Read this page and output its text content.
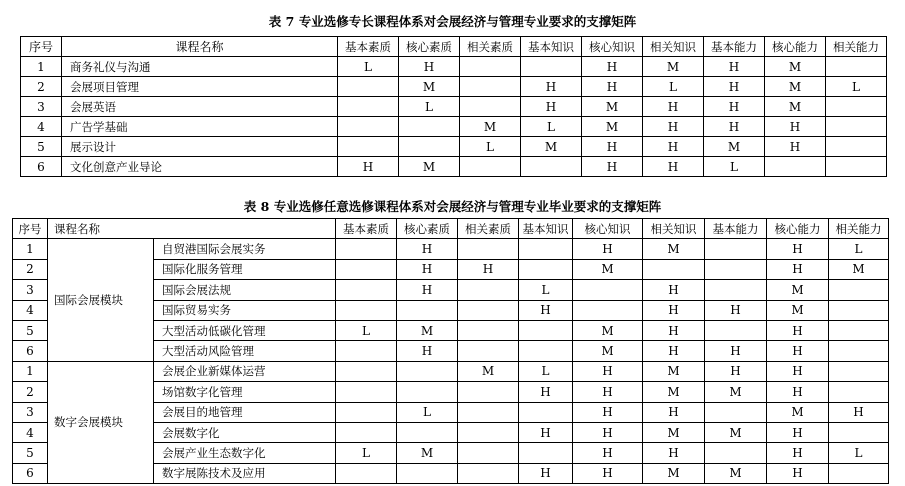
表 7 专业选修专长课程体系对会展经济与管理专业要求的支撑矩阵
序号	课程名称	基本素质	核心素质	相关素质	基本知识	核心知识	相关知识	基本能力	核心能力	相关能力
1	商务礼仪与沟通	L	H			H	M	H	M	
2	会展项目管理		M		H	H	L	H	M	L
3	会展英语		L		H	M	H	H	M	
4	广告学基础			M	L	M	H	H	H	
5	展示设计			L	M	H	H	M	H	
6	文化创意产业导论	H	M			H	H	L		
表 8 专业选修任意选修课程体系对会展经济与管理专业毕业要求的支撑矩阵
序号	课程名称		基本素质	核心素质	相关素质	基本知识	核心知识	相关知识	基本能力	核心能力	相关能力
1	国际会展模块	自贸港国际会展实务		H			H	M		H	L
2		国际化服务管理		H	H		M			H	M
3		国际会展法规		H		L		H		M	
4		国际贸易实务				H		H	H	M	
5		大型活动低碳化管理	L	M			M	H		H	
6		大型活动风险管理		H			M	H	H	H	
1	数字会展模块	会展企业新媒体运营			M	L	H	M	H	H	
2		场馆数字化管理				H	H	M	M	H	
3		会展目的地管理		L			H	H		M	H
4		会展数字化				H	H	M	M	H	
5		会展产业生态数字化	L	M			H	H		H	L
6		数字展陈技术及应用				H	H	M	M	H	
